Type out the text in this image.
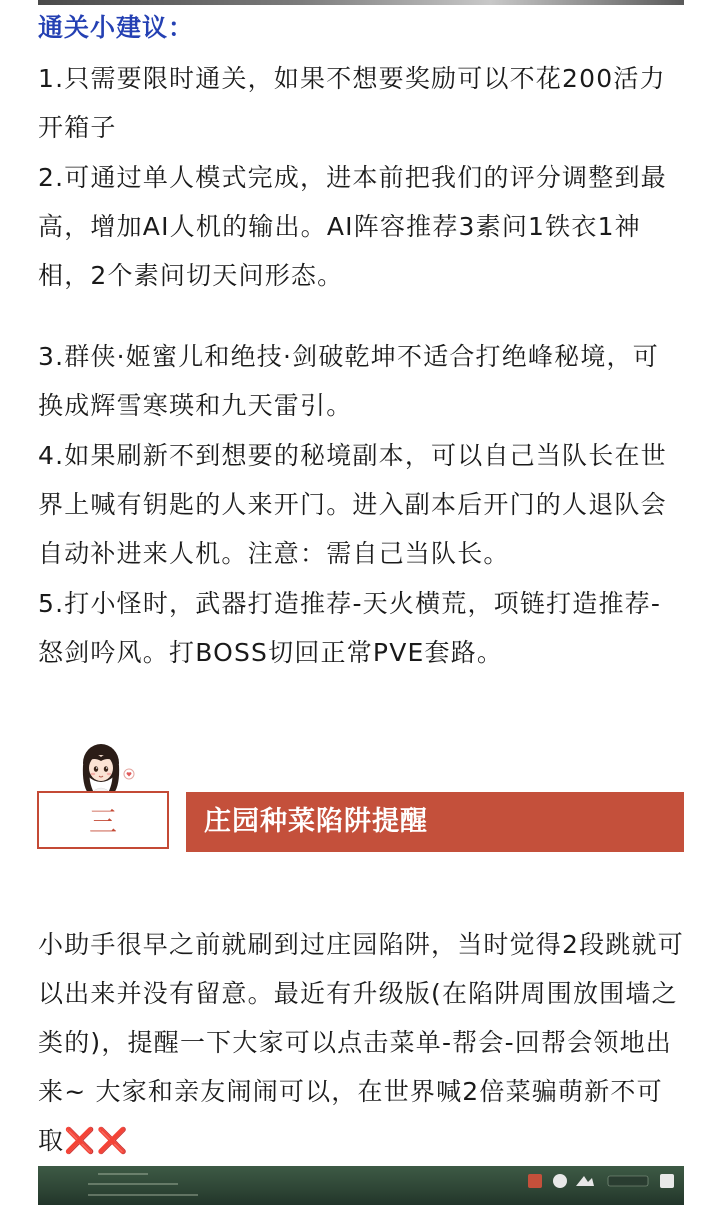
通关小建议：

1.只需要限时通关，如果不想要奖励可以不花200活力开箱子

2.可通过单人模式完成，进本前把我们的评分调整到最高，增加AI人机的输出。AI阵容推荐3素问1铁衣1神相，2个素问切天问形态。

3.群侠·姬蜜儿和绝技·剑破乾坤不适合打绝峰秘境，可换成辉雪寒瑛和九天雷引。

4.如果刷新不到想要的秘境副本，可以自己当队长在世界上喊有钥匙的人来开门。进入副本后开门的人退队会自动补进来人机。注意：需自己当队长。

5.打小怪时，武器打造推荐-天火横荒，项链打造推荐-怒剑吟风。打BOSS切回正常PVE套路。

三	庄园种菜陷阱提醒

小助手很早之前就刷到过庄园陷阱，当时觉得2段跳就可以出来并没有留意。最近有升级版(在陷阱周围放围墙之类的)，提醒一下大家可以点击菜单-帮会-回帮会领地出来~ 大家和亲友闹闹可以，在世界喊2倍菜骗萌新不可取❌❌
